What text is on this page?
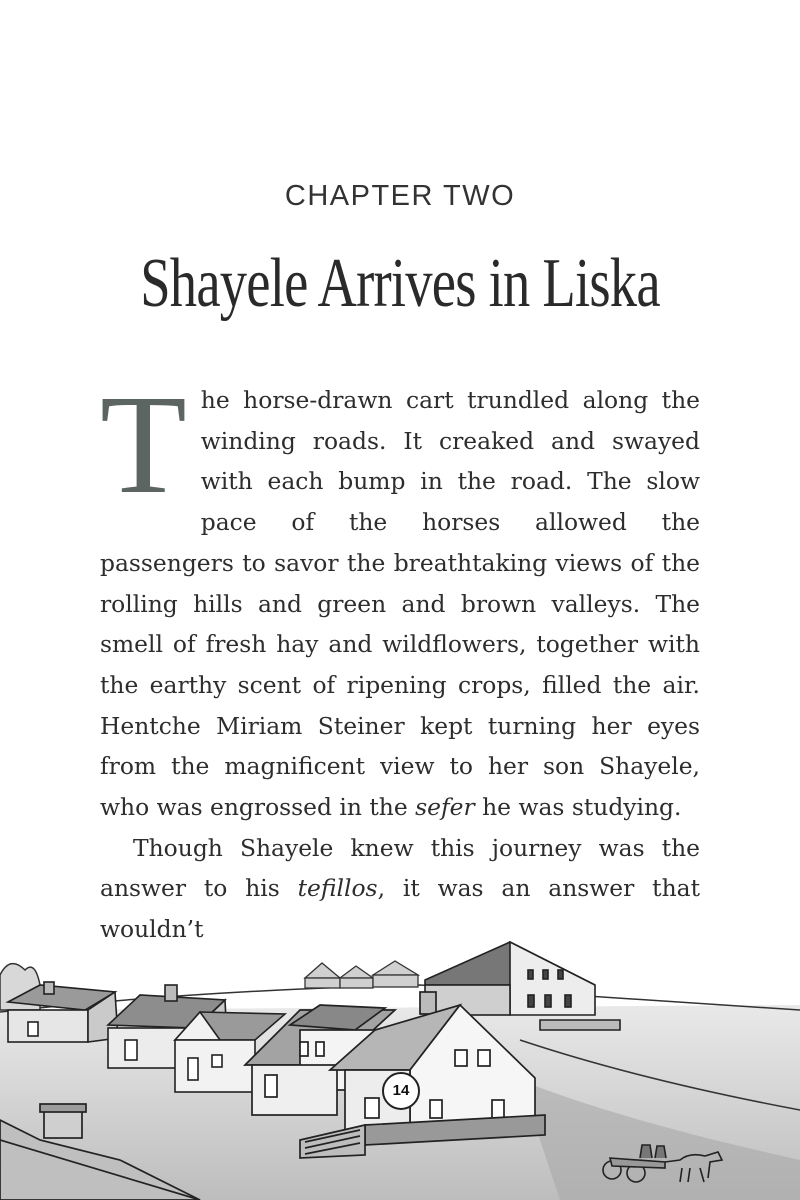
CHAPTER TWO
Shayele Arrives in Liska

The horse-drawn cart trundled along the winding roads. It creaked and swayed with each bump in the road. The slow pace of the horses allowed the passengers to savor the breathtaking views of the rolling hills and green and brown valleys. The smell of fresh hay and wildflowers, together with the earthy scent of ripening crops, filled the air. Hentche Miriam Steiner kept turning her eyes from the magnificent view to her son Shayele, who was engrossed in the sefer he was studying.

Though Shayele knew this journey was the answer to his tefillos, it was an answer that wouldn’t

14
